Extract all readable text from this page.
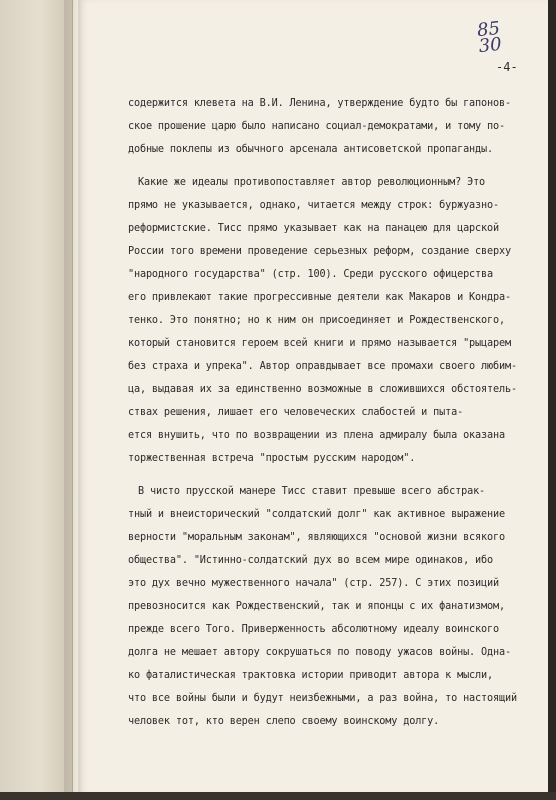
85
30
-4-
содержится клевета на В.И. Ленина, утверждение будто бы гапонов-
ское прошение царю было написано социал-демократами, и тому по-
добные поклепы из обычного арсенала антисоветской пропаганды.
Какие же идеалы противопоставляет автор революционным? Это
прямо не указывается, однако, читается между строк: буржуазно-
реформистские. Тисс прямо указывает как на панацею для царской
России того времени проведение серьезных реформ, создание сверху
"народного государства" (стр. 100). Среди русского офицерства
его привлекают такие прогрессивные деятели как Макаров и Кондра-
тенко. Это понятно; но к ним он присоединяет и Рождественского,
который становится героем всей книги и прямо называется "рыцарем
без страха и упрека". Автор оправдывает все промахи своего любим-
ца, выдавая их за единственно возможные в сложившихся обстоятель-
ствах решения, лишает его человеческих слабостей и пыта-
ется внушить, что по возвращении из плена адмиралу была оказана
торжественная встреча "простым русским народом".
В чисто прусской манере Тисс ставит превыше всего абстрак-
тный и внеисторический "солдатский долг" как активное выражение
верности "моральным законам", являющихся "основой жизни всякого
общества". "Истинно-солдатский дух во всем мире одинаков, ибо
это дух вечно мужественного начала" (стр. 257). С этих позиций
превозносится как Рождественский, так и японцы с их фанатизмом,
прежде всего Того. Приверженность абсолютному идеалу воинского
долга не мешает автору сокрушаться по поводу ужасов войны. Одна-
ко фаталистическая трактовка истории приводит автора к мысли,
что все войны были и будут неизбежными, а раз война, то настоящий
человек тот, кто верен слепо своему воинскому долгу.
